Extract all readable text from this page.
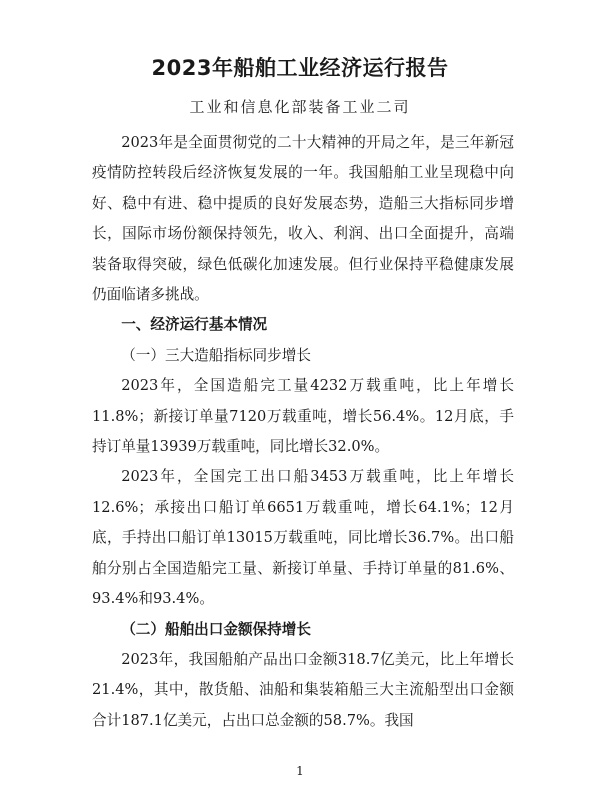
2023年船舶工业经济运行报告
工业和信息化部装备工业二司

2023年是全面贯彻党的二十大精神的开局之年，是三年新冠疫情防控转段后经济恢复发展的一年。我国船舶工业呈现稳中向好、稳中有进、稳中提质的良好发展态势，造船三大指标同步增长，国际市场份额保持领先，收入、利润、出口全面提升，高端装备取得突破，绿色低碳化加速发展。但行业保持平稳健康发展仍面临诸多挑战。

一、经济运行基本情况

（一）三大造船指标同步增长

2023年，全国造船完工量4232万载重吨，比上年增长11.8%；新接订单量7120万载重吨，增长56.4%。12月底，手持订单量13939万载重吨，同比增长32.0%。

2023年，全国完工出口船3453万载重吨，比上年增长12.6%；承接出口船订单6651万载重吨，增长64.1%；12月底，手持出口船订单13015万载重吨，同比增长36.7%。出口船舶分别占全国造船完工量、新接订单量、手持订单量的81.6%、93.4%和93.4%。

（二）船舶出口金额保持增长

2023年，我国船舶产品出口金额318.7亿美元，比上年增长21.4%，其中，散货船、油船和集装箱船三大主流船型出口金额合计187.1亿美元，占出口总金额的58.7%。我国

1
